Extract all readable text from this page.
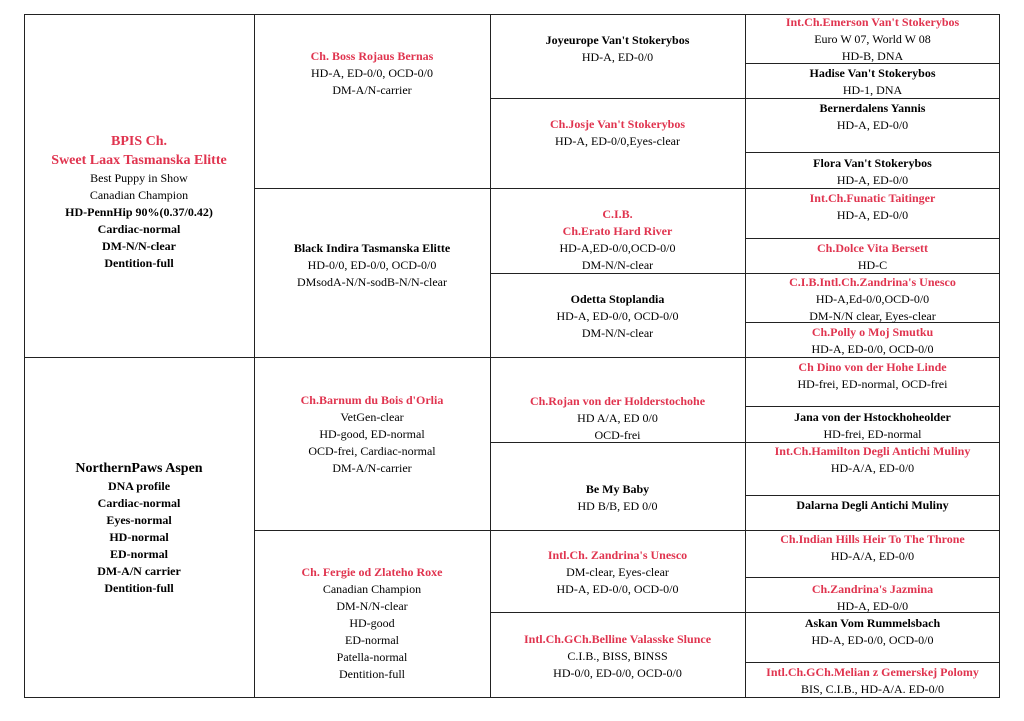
BPIS Ch.
Sweet Laax Tasmanska Elitte
Best Puppy in Show
Canadian Champion
HD-PennHip 90%(0.37/0.42)
Cardiac-normal
DM-N/N-clear
Dentition-full
NorthernPaws Aspen
DNA profile
Cardiac-normal
Eyes-normal
HD-normal
ED-normal
DM-A/N carrier
Dentition-full
Ch. Boss Rojaus Bernas
HD-A, ED-0/0, OCD-0/0
DM-A/N-carrier
Black Indira Tasmanska Elitte
HD-0/0, ED-0/0, OCD-0/0
DMsodA-N/N-sodB-N/N-clear
Ch.Barnum du Bois d'Orlia
VetGen-clear
HD-good, ED-normal
OCD-frei, Cardiac-normal
DM-A/N-carrier
Ch. Fergie od Zlateho Roxe
Canadian Champion
DM-N/N-clear
HD-good
ED-normal
Patella-normal
Dentition-full
Joyeurope Van't Stokerybos
HD-A, ED-0/0
Ch.Josje Van't Stokerybos
HD-A, ED-0/0,Eyes-clear
C.I.B.
Ch.Erato Hard River
HD-A,ED-0/0,OCD-0/0
DM-N/N-clear
Odetta Stoplandia
HD-A, ED-0/0, OCD-0/0
DM-N/N-clear
Ch.Rojan von der Holderstochohe
HD A/A, ED 0/0
OCD-frei
Be My Baby
HD B/B, ED 0/0
Intl.Ch. Zandrina's Unesco
DM-clear, Eyes-clear
HD-A, ED-0/0, OCD-0/0
Intl.Ch.GCh.Belline Valasske Slunce
C.I.B., BISS, BINSS
HD-0/0, ED-0/0, OCD-0/0
Int.Ch.Emerson Van't Stokerybos
Euro W 07, World W 08
HD-B, DNA
Hadise Van't Stokerybos
HD-1, DNA
Bernerdalens Yannis
HD-A, ED-0/0
Flora Van't Stokerybos
HD-A, ED-0/0
Int.Ch.Funatic Taitinger
HD-A, ED-0/0
Ch.Dolce Vita Bersett
HD-C
C.I.B.Intl.Ch.Zandrina's Unesco
HD-A,Ed-0/0,OCD-0/0
DM-N/N clear, Eyes-clear
Ch.Polly o Moj Smutku
HD-A, ED-0/0, OCD-0/0
Ch Dino von der Hohe Linde
HD-frei, ED-normal, OCD-frei
Jana von der Hstockhoheolder
HD-frei, ED-normal
Int.Ch.Hamilton Degli Antichi Muliny
HD-A/A, ED-0/0
Dalarna Degli Antichi Muliny
Ch.Indian Hills Heir To The Throne
HD-A/A, ED-0/0
Ch.Zandrina's Jazmina
HD-A, ED-0/0
Askan Vom Rummelsbach
HD-A, ED-0/0, OCD-0/0
Intl.Ch.GCh.Melian z Gemerskej Polomy
BIS, C.I.B., HD-A/A. ED-0/0
